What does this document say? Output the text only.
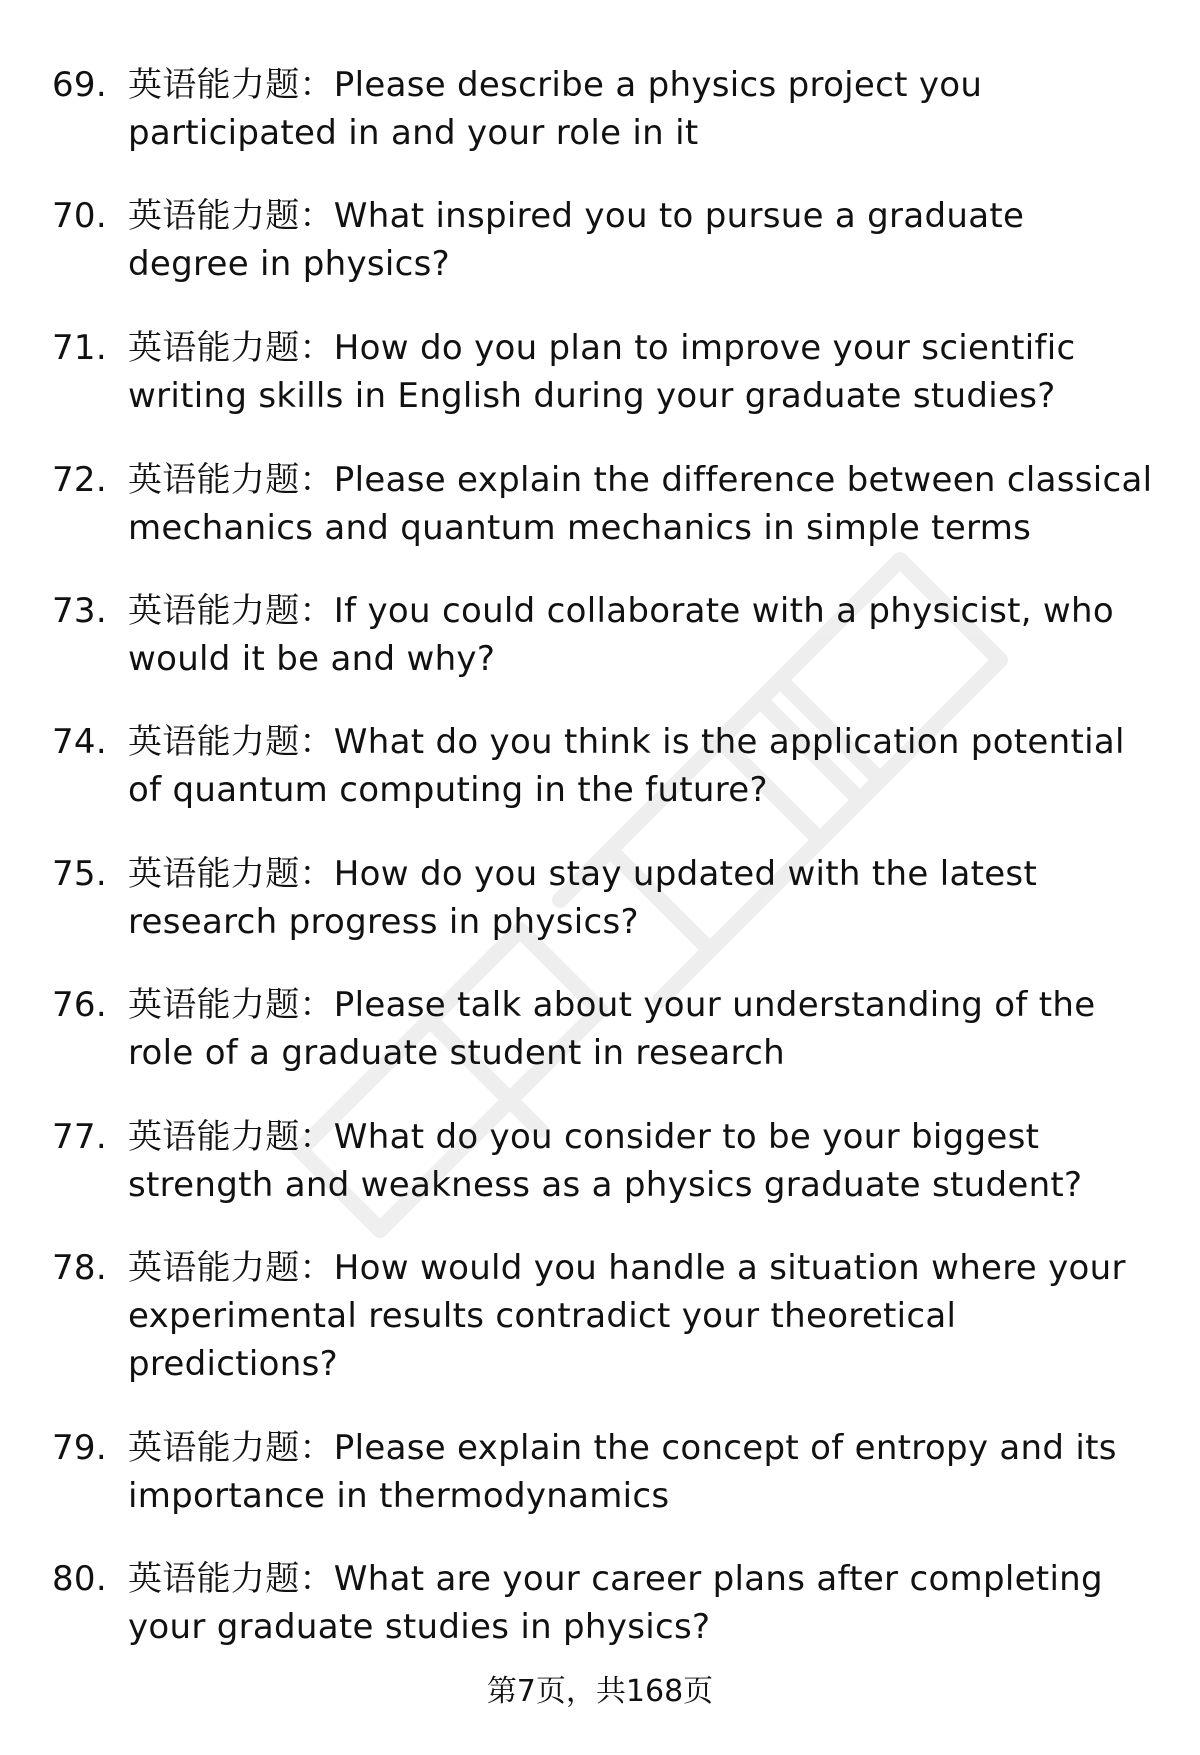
69. 英语能力题：Please describe a physics project you
participated in and your role in it
70. 英语能力题：What inspired you to pursue a graduate
degree in physics?
71. 英语能力题：How do you plan to improve your scientific
writing skills in English during your graduate studies?
72. 英语能力题：Please explain the difference between classical
mechanics and quantum mechanics in simple terms
73. 英语能力题：If you could collaborate with a physicist, who
would it be and why?
74. 英语能力题：What do you think is the application potential
of quantum computing in the future?
75. 英语能力题：How do you stay updated with the latest
research progress in physics?
76. 英语能力题：Please talk about your understanding of the
role of a graduate student in research
77. 英语能力题：What do you consider to be your biggest
strength and weakness as a physics graduate student?
78. 英语能力题：How would you handle a situation where your
experimental results contradict your theoretical
predictions?
79. 英语能力题：Please explain the concept of entropy and its
importance in thermodynamics
80. 英语能力题：What are your career plans after completing
your graduate studies in physics?
第7页，共168页
